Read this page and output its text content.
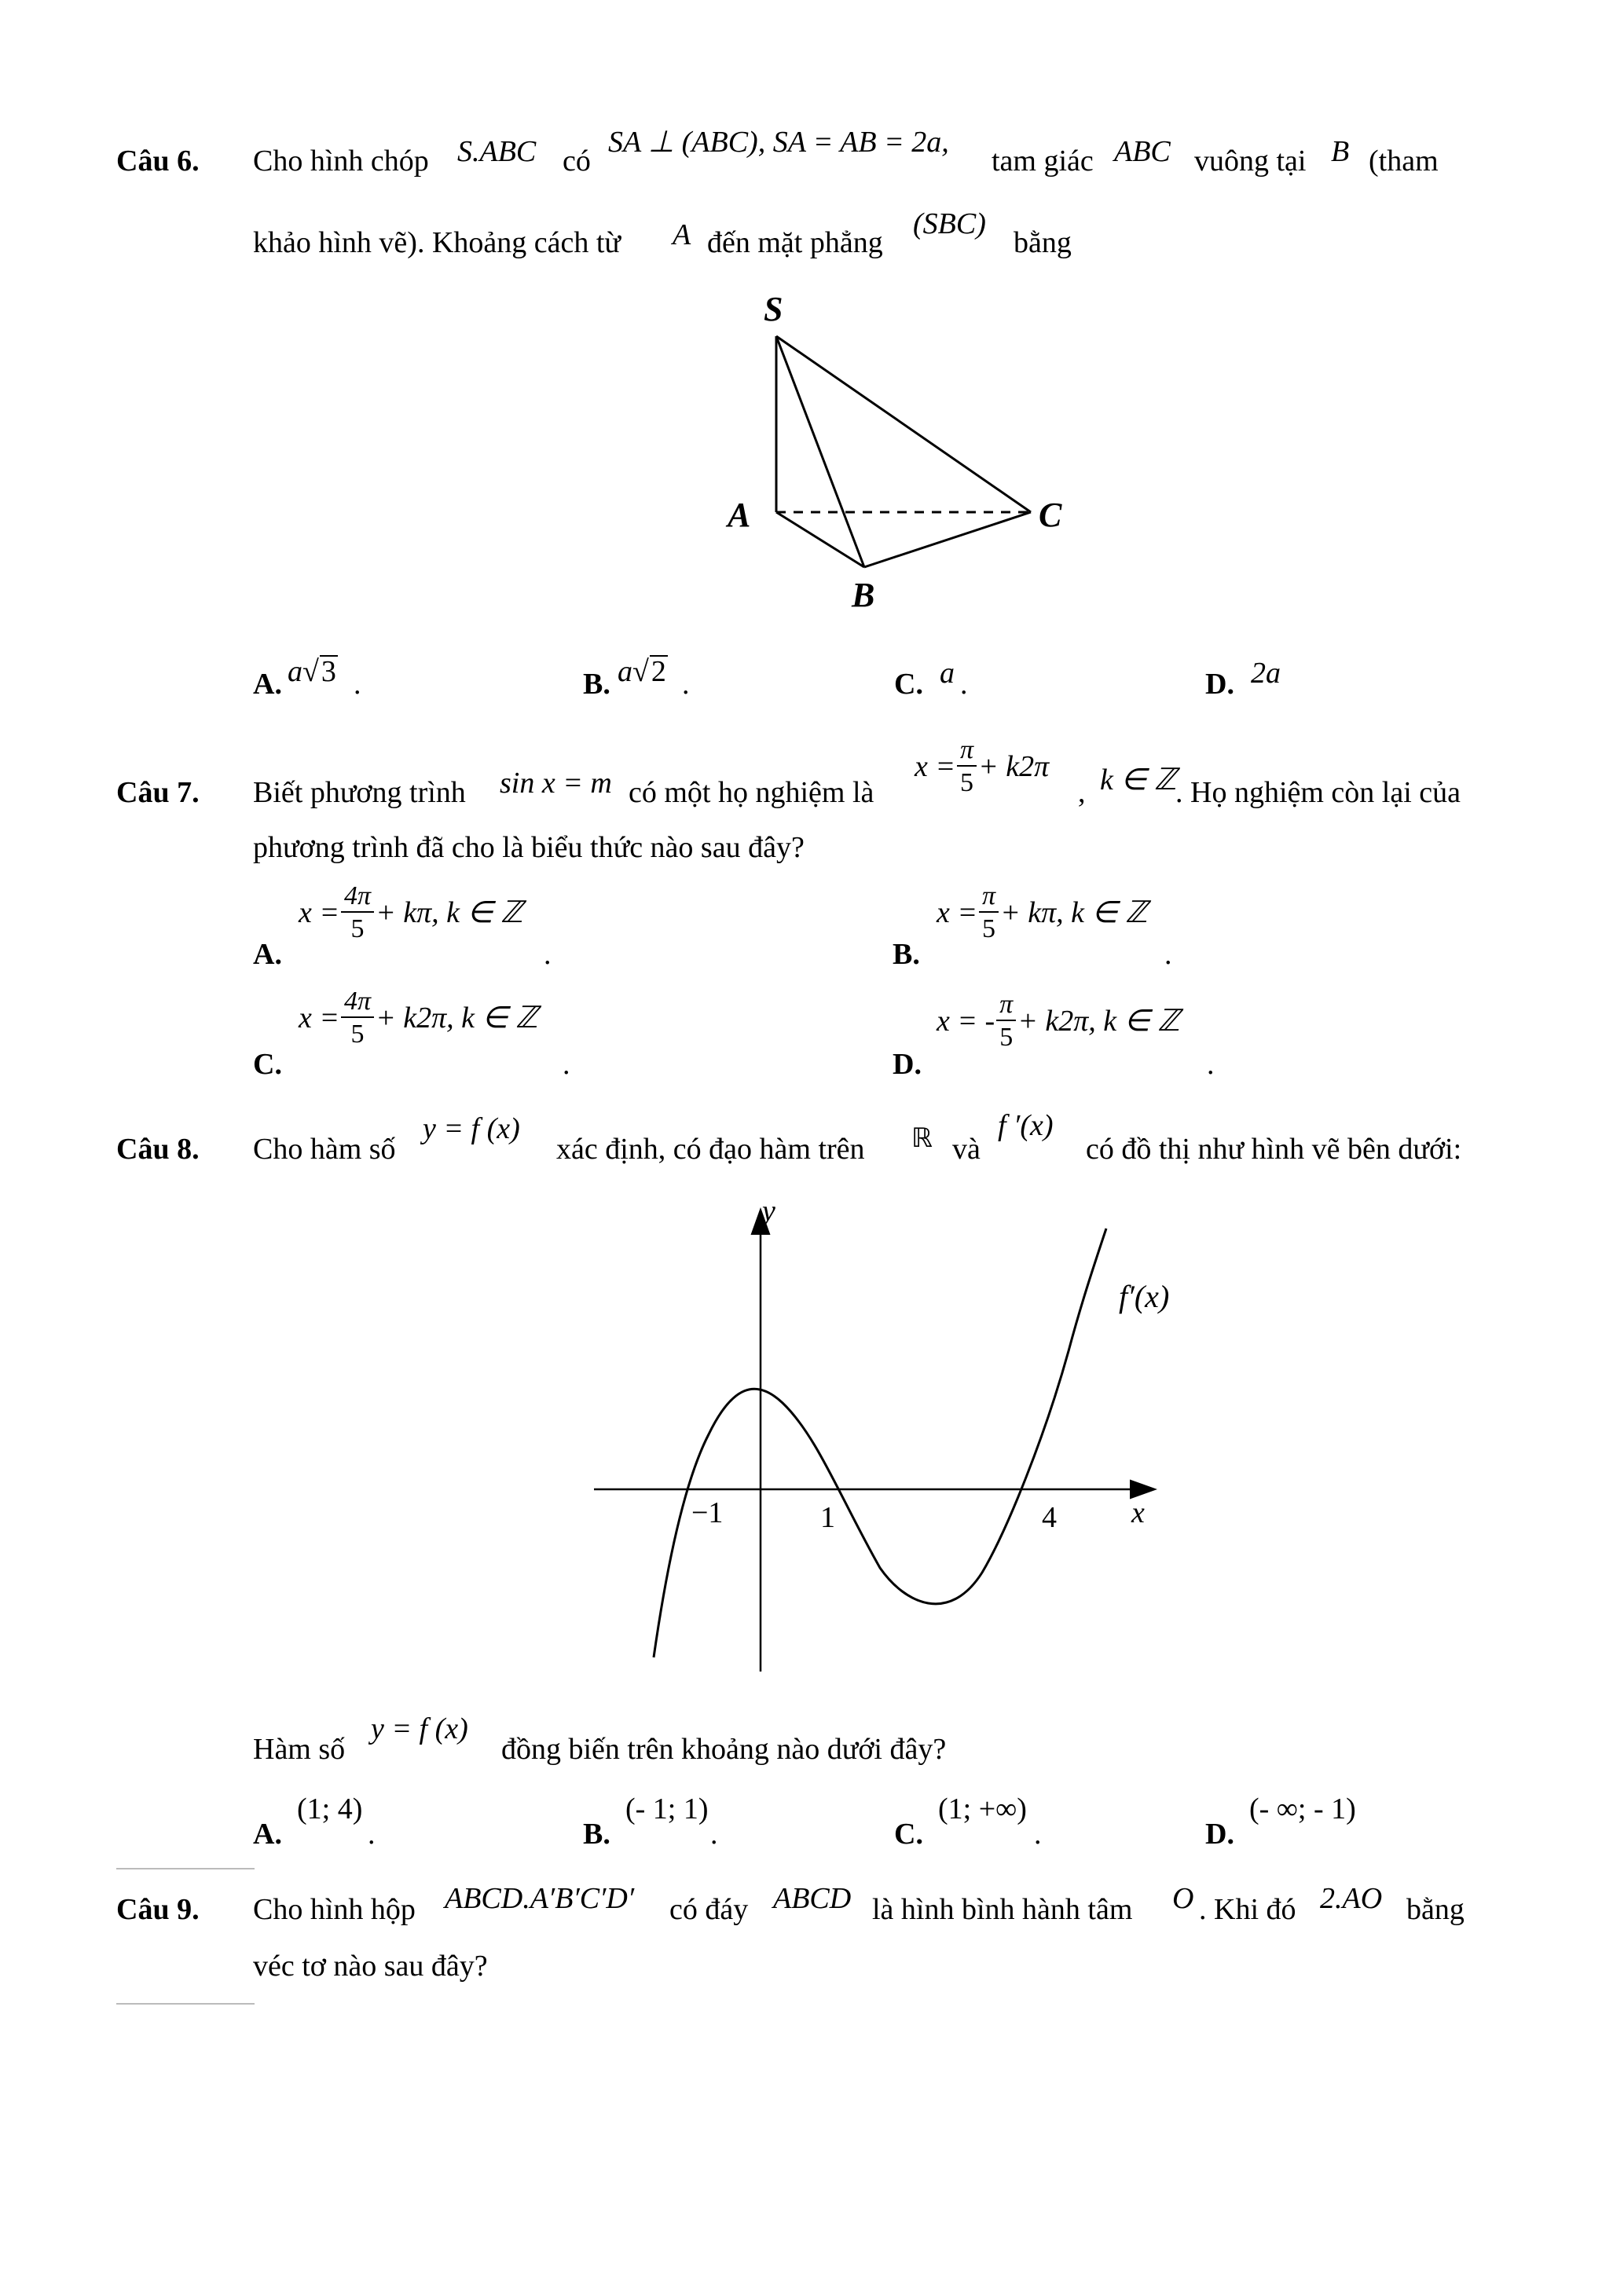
Câu 6. Cho hình chóp S.ABC có
SA ⊥ (ABC), SA = AB = 2a,
tam giác ABC vuông tại B (tham
khảo hình vẽ). Khoảng cách từ A đến mặt phẳng
(SBC)
bằng
S
A
B
C
A. a√3 .	B. a√2 .	C. a .	D. 2a
Câu 7. Biết phương trình sin x = m có một họ nghiệm là
$x = \frac{\pi}{5} + k2\pi$
, k ∈ ℤ
. Họ nghiệm còn lại của
phương trình đã cho là biểu thức nào sau đây?
A.
$x = \frac{4\pi}{5} + k\pi$, k ∈ ℤ
.	B.
$x = \frac{\pi}{5} + k\pi$, k ∈ ℤ
.
C.
$x = \frac{4\pi}{5} + k2\pi$, k ∈ ℤ
.	D.
x = - $\frac{\pi}{5} + k2\pi$, k ∈ ℤ
.
Câu 8. Cho hàm số
y = f (x)
xác định, có đạo hàm trên ℝ và
f ′(x)
có đồ thị như hình vẽ bên dưới:
y
x
f′(x)
−1	1	4
Hàm số
y = f (x)
đồng biến trên khoảng nào dưới đây?
A.
(1; 4)
.	B.
(- 1; 1)
.	C.
(1; +∞)
.	D.
(- ∞; - 1)
Câu 9. Cho hình hộp ABCD.A′B′C′D′ có đáy ABCD là hình bình hành tâm O . Khi đó 2.AO bằng
véc tơ nào sau đây?
